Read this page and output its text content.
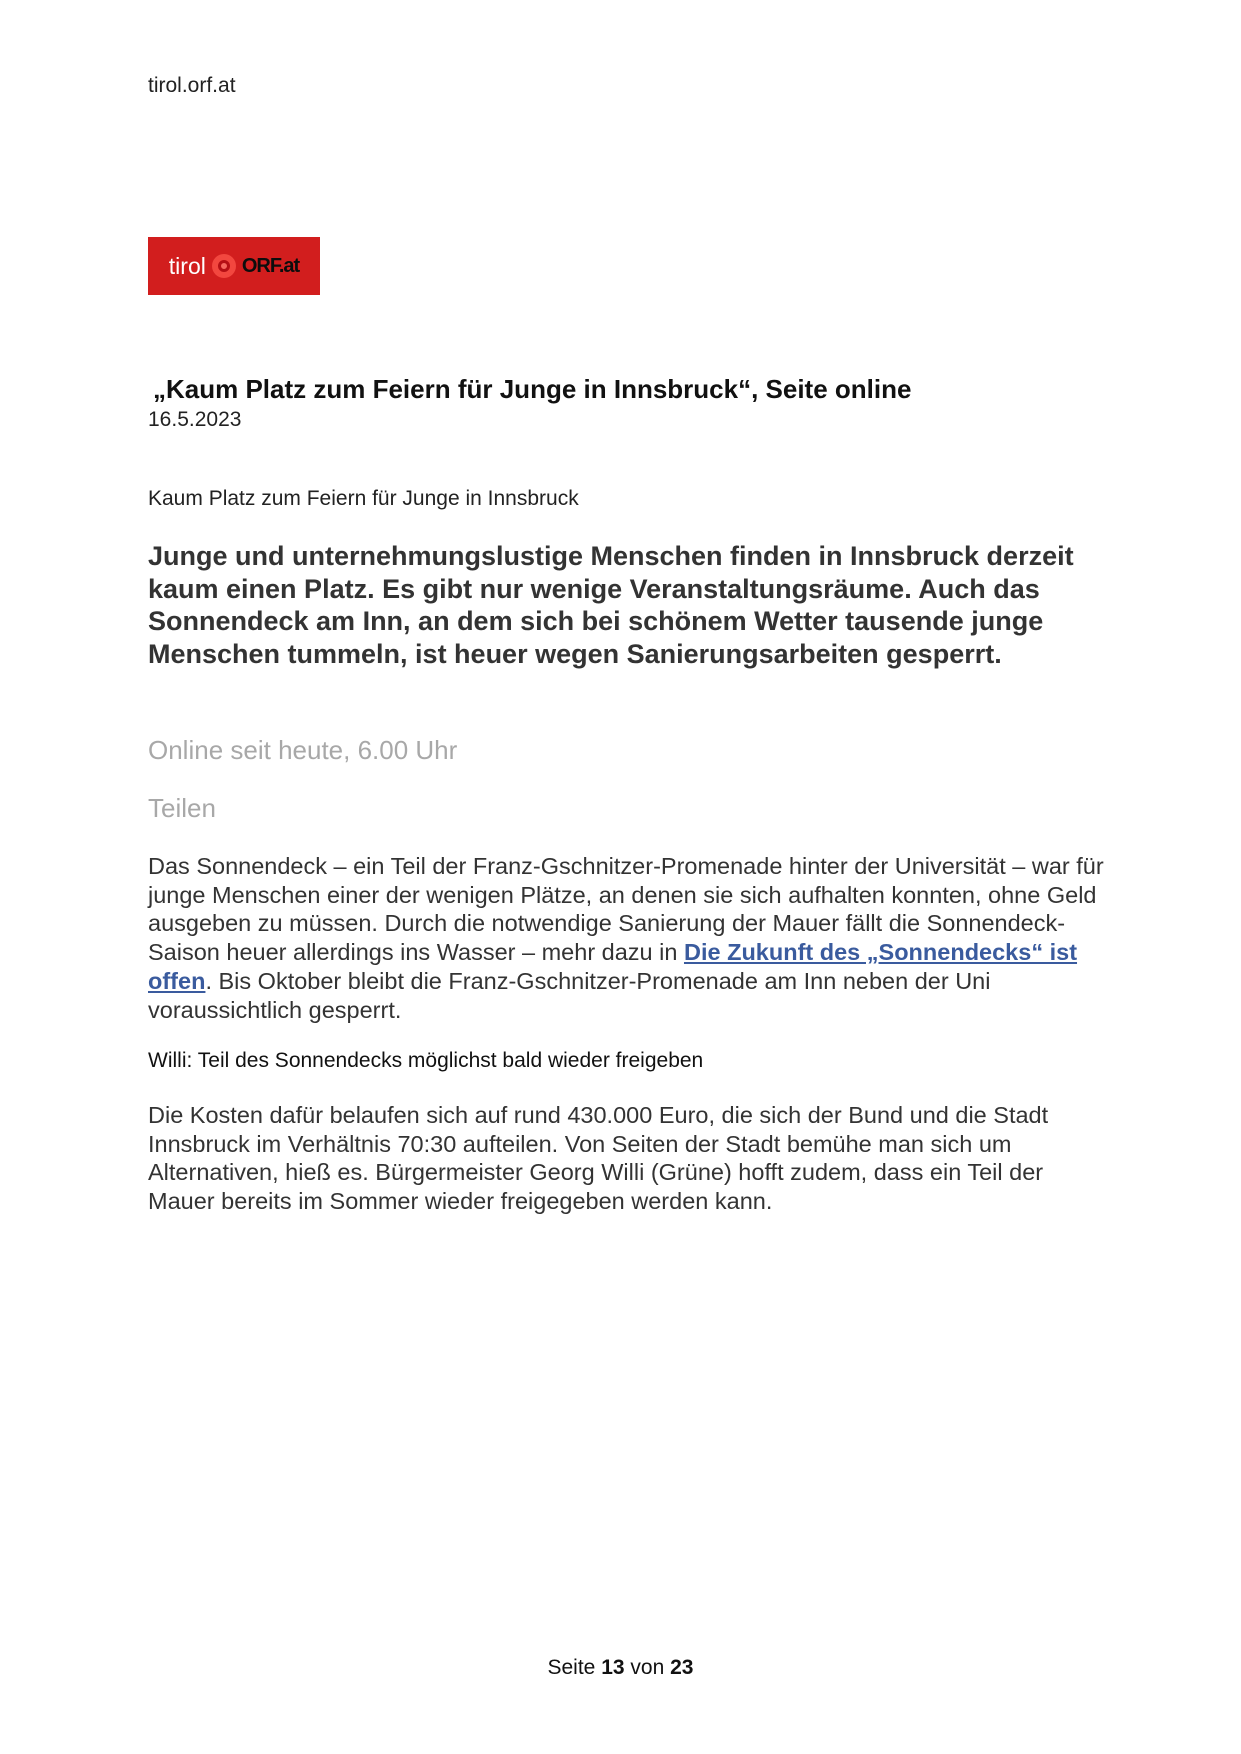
tirol.orf.at
tirol ORF.at
„Kaum Platz zum Feiern für Junge in Innsbruck“, Seite online
16.5.2023
Kaum Platz zum Feiern für Junge in Innsbruck
Junge und unternehmungslustige Menschen finden in Innsbruck derzeit kaum einen Platz. Es gibt nur wenige Veranstaltungsräume. Auch das Sonnendeck am Inn, an dem sich bei schönem Wetter tausende junge Menschen tummeln, ist heuer wegen Sanierungsarbeiten gesperrt.
Online seit heute, 6.00 Uhr
Teilen
Das Sonnendeck – ein Teil der Franz-Gschnitzer-Promenade hinter der Universität – war für junge Menschen einer der wenigen Plätze, an denen sie sich aufhalten konnten, ohne Geld ausgeben zu müssen. Durch die notwendige Sanierung der Mauer fällt die Sonnendeck-Saison heuer allerdings ins Wasser – mehr dazu in Die Zukunft des „Sonnendecks“ ist offen. Bis Oktober bleibt die Franz-Gschnitzer-Promenade am Inn neben der Uni voraussichtlich gesperrt.
Willi: Teil des Sonnendecks möglichst bald wieder freigeben
Die Kosten dafür belaufen sich auf rund 430.000 Euro, die sich der Bund und die Stadt Innsbruck im Verhältnis 70:30 aufteilen. Von Seiten der Stadt bemühe man sich um Alternativen, hieß es. Bürgermeister Georg Willi (Grüne) hofft zudem, dass ein Teil der Mauer bereits im Sommer wieder freigegeben werden kann.
Seite 13 von 23
